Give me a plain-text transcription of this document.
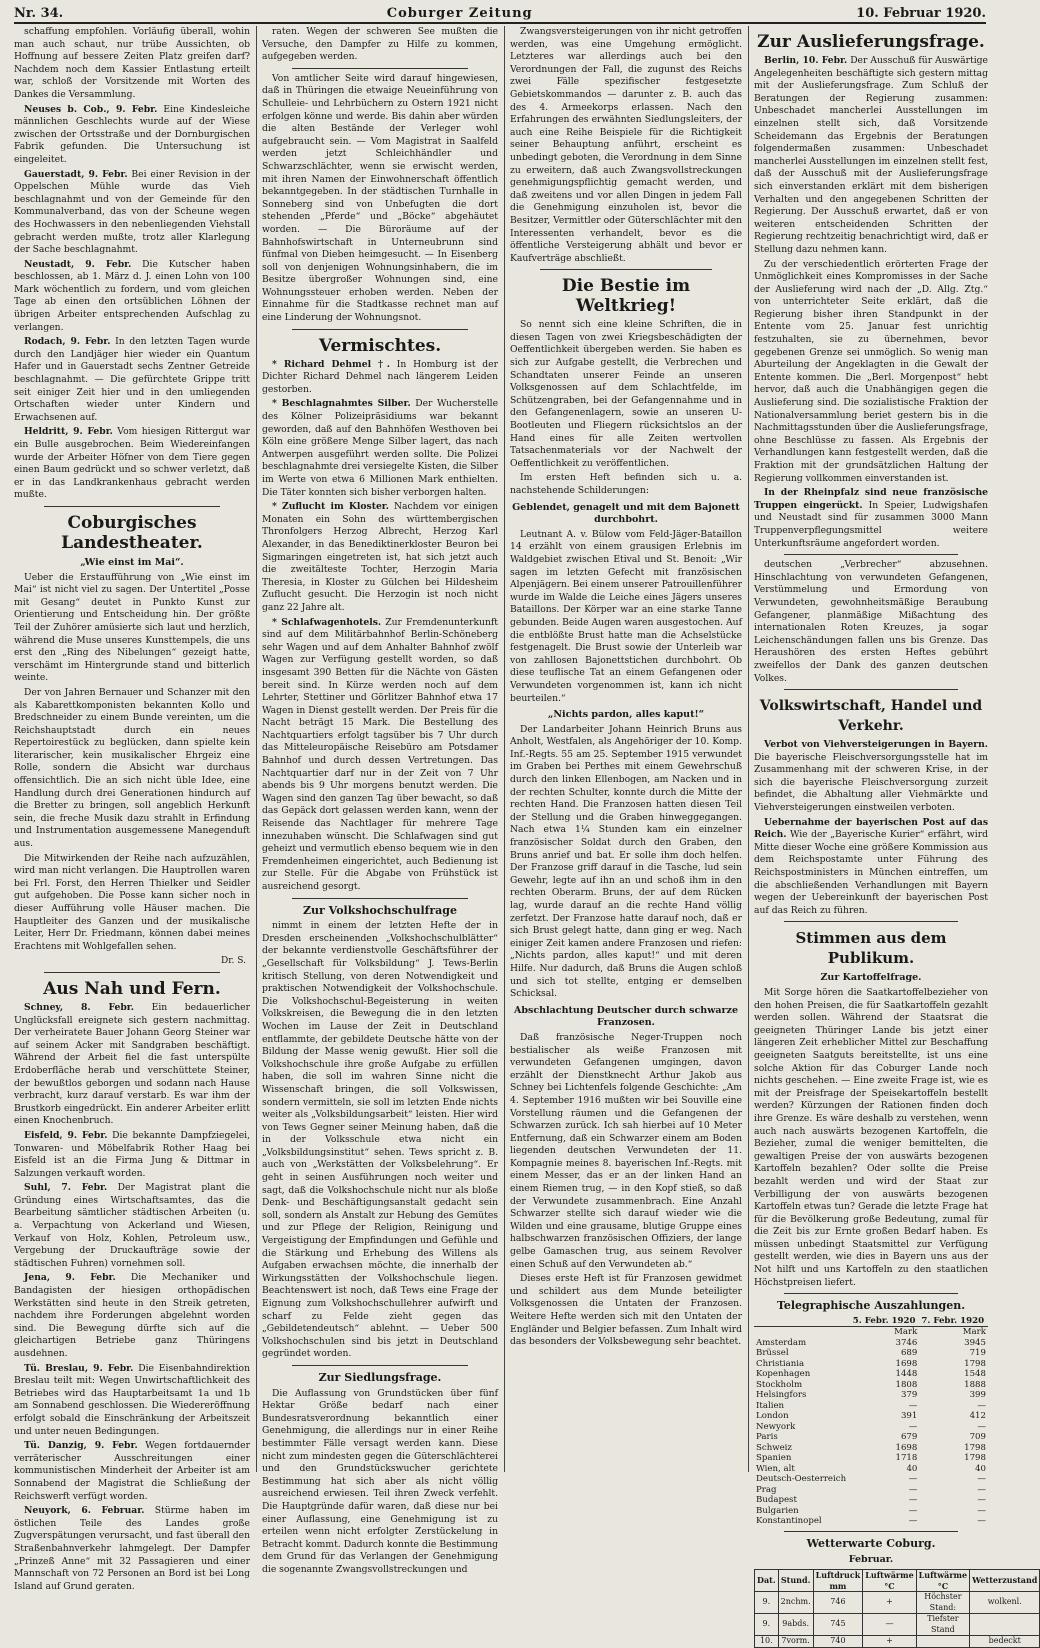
Nr. 34.	Coburger Zeitung	10. Februar 1920.

schaffung empfohlen. Vorläufig überall, wohin man auch schaut, nur trübe Aussichten, ob Hoffnung auf bessere Zeiten Platz greifen darf? Nachdem noch dem Kassier Entlastung erteilt war, schloß der Vorsitzende mit Worten des Dankes die Versammlung.

Neuses b. Cob., 9. Febr. Eine Kindesleiche männlichen Geschlechts wurde auf der Wiese zwischen der Ortsstraße und der Dornburgischen Fabrik gefunden. Die Untersuchung ist eingeleitet.

Gauerstadt, 9. Febr. Bei einer Revision in der Oppelschen Mühle wurde das Vieh beschlagnahmt und von der Gemeinde für den Kommunalverband, das von der Scheune wegen des Hochwassers in den nebenliegenden Viehstall gebracht werden mußte, trotz aller Klarlegung der Sache beschlagnahmt.

Neustadt, 9. Febr. Die Kutscher haben beschlossen, ab 1. März d. J. einen Lohn von 100 Mark wöchentlich zu fordern, und vom gleichen Tage ab einen den ortsüblichen Löhnen der übrigen Arbeiter entsprechenden Aufschlag zu verlangen.

Rodach, 9. Febr. In den letzten Tagen wurde durch den Landjäger hier wieder ein Quantum Hafer und in Gauerstadt sechs Zentner Getreide beschlagnahmt. — Die gefürchtete Grippe tritt seit einiger Zeit hier und in den umliegenden Ortschaften wieder unter Kindern und Erwachsenen auf.

Heldritt, 9. Febr. Vom hiesigen Rittergut war ein Bulle ausgebrochen. Beim Wiedereinfangen wurde der Arbeiter Höfner von dem Tiere gegen einen Baum gedrückt und so schwer verletzt, daß er in das Landkrankenhaus gebracht werden mußte.

Coburgisches Landestheater.
„Wie einst im Mai“.

Ueber die Erstaufführung von „Wie einst im Mai“ ist nicht viel zu sagen. Der Untertitel „Posse mit Gesang“ deutet in Punkto Kunst zur Orientierung und Entscheidung hin. Der größte Teil der Zuhörer amüsierte sich laut und herzlich, während die Muse unseres Kunsttempels, die uns erst den „Ring des Nibelungen“ gezeigt hatte, verschämt im Hintergrunde stand und bitterlich weinte.

Der von Jahren Bernauer und Schanzer mit den als Kabarettkomponisten bekannten Kollo und Bredschneider zu einem Bunde vereinten, um die Reichshauptstadt durch ein neues Repertoirestück zu beglücken, dann spielte kein literarischer, kein musikalischer Ehrgeiz eine Rolle, sondern die Absicht war durchaus offensichtlich. Die an sich nicht üble Idee, eine Handlung durch drei Generationen hindurch auf die Bretter zu bringen, soll angeblich Herkunft sein, die freche Musik dazu strahlt in Erfindung und Instrumentation ausgemessene Manegenduft aus.

Die Mitwirkenden der Reihe nach aufzuzählen, wird man nicht verlangen. Die Hauptrollen waren bei Frl. Forst, den Herren Thielker und Seidler gut aufgehoben. Die Posse kann sicher noch in dieser Aufführung volle Häuser machen. Die Hauptleiter des Ganzen und der musikalische Leiter, Herr Dr. Friedmann, können dabei meines Erachtens mit Wohlgefallen sehen.

Dr. S.
Aus Nah und Fern.

Schney, 8. Febr. Ein bedauerlicher Unglücksfall ereignete sich gestern nachmittag. Der verheiratete Bauer Johann Georg Steiner war auf seinem Acker mit Sandgraben beschäftigt. Während der Arbeit fiel die fast unterspülte Erdoberfläche herab und verschüttete Steiner, der bewußtlos geborgen und sodann nach Hause verbracht, kurz darauf verstarb. Es war ihm der Brustkorb eingedrückt. Ein anderer Arbeiter erlitt einen Knochenbruch.

Eisfeld, 9. Febr. Die bekannte Dampfziegelei, Tonwaren- und Möbelfabrik Rother Haag bei Eisfeld ist an die Firma Jung & Dittmar in Salzungen verkauft worden.

Suhl, 7. Febr. Der Magistrat plant die Gründung eines Wirtschaftsamtes, das die Bearbeitung sämtlicher städtischen Arbeiten (u. a. Verpachtung von Ackerland und Wiesen, Verkauf von Holz, Kohlen, Petroleum usw., Vergebung der Druckaufträge sowie der städtischen Fuhren) vornehmen soll.

Jena, 9. Febr. Die Mechaniker und Bandagisten der hiesigen orthopädischen Werkstätten sind heute in den Streik getreten, nachdem ihre Forderungen abgelehnt worden sind. Die Bewegung dürfte sich auf die gleichartigen Betriebe ganz Thüringens ausdehnen.

Tü. Breslau, 9. Febr. Die Eisenbahndirektion Breslau teilt mit: Wegen Unwirtschaftlichkeit des Betriebes wird das Hauptarbeitsamt 1a und 1b am Sonnabend geschlossen. Die Wiedereröffnung erfolgt sobald die Einschränkung der Arbeitszeit und unter neuen Bedingungen.

Tü. Danzig, 9. Febr. Wegen fortdauernder verräterischer Ausschreitungen einer kommunistischen Minderheit der Arbeiter ist am Sonnabend der Magistrat die Schließung der Reichswerft verfügt worden.

Neuyork, 6. Februar. Stürme haben im östlichen Teile des Landes große Zugverspätungen verursacht, und fast überall den Straßenbahnverkehr lahmgelegt. Der Dampfer „Prinzeß Anne“ mit 32 Passagieren und einer Mannschaft von 72 Personen an Bord ist bei Long Island auf Grund geraten.

raten. Wegen der schweren See mußten die Versuche, den Dampfer zu Hilfe zu kommen, aufgegeben werden.

Von amtlicher Seite wird darauf hingewiesen, daß in Thüringen die etwaige Neueinführung von Schulleie- und Lehrbüchern zu Ostern 1921 nicht erfolgen könne und werde. Bis dahin aber würden die alten Bestände der Verleger wohl aufgebraucht sein. — Vom Magistrat in Saalfeld werden jetzt Schleichhändler und Schwarzschlächter, wenn sie erwischt werden, mit ihren Namen der Einwohnerschaft öffentlich bekanntgegeben. In der städtischen Turnhalle in Sonneberg sind von Unbefugten die dort stehenden „Pferde“ und „Böcke“ abgehäutet worden. — Die Büroräume auf der Bahnhofswirtschaft in Unterneubrunn sind fünfmal von Dieben heimgesucht. — In Eisenberg soll von denjenigen Wohnungsinhabern, die im Besitze übergroßer Wohnungen sind, eine Wohnungssteuer erhoben werden. Neben der Einnahme für die Stadtkasse rechnet man auf eine Linderung der Wohnungsnot.

Vermischtes.

* Richard Dehmel †. In Homburg ist der Dichter Richard Dehmel nach längerem Leiden gestorben.

* Beschlagnahmtes Silber. Der Wucherstelle des Kölner Polizeipräsidiums war bekannt geworden, daß auf den Bahnhöfen Westhoven bei Köln eine größere Menge Silber lagert, das nach Antwerpen ausgeführt werden sollte. Die Polizei beschlagnahmte drei versiegelte Kisten, die Silber im Werte von etwa 6 Millionen Mark enthielten. Die Täter konnten sich bisher verborgen halten.

* Zuflucht im Kloster. Nachdem vor einigen Monaten ein Sohn des württembergischen Thronfolgers Herzog Albrecht, Herzog Karl Alexander, in das Benediktinerkloster Beuron bei Sigmaringen eingetreten ist, hat sich jetzt auch die zweitälteste Tochter, Herzogin Maria Theresia, in Kloster zu Gülchen bei Hildesheim Zuflucht gesucht. Die Herzogin ist noch nicht ganz 22 Jahre alt.

* Schlafwagenhotels. Zur Fremdenunterkunft sind auf dem Militärbahnhof Berlin-Schöneberg sehr Wagen und auf dem Anhalter Bahnhof zwölf Wagen zur Verfügung gestellt worden, so daß insgesamt 390 Betten für die Nächte von Gästen bereit sind. In Kürze werden noch auf dem Lehrter, Stettiner und Görlitzer Bahnhof etwa 17 Wagen in Dienst gestellt werden. Der Preis für die Nacht beträgt 15 Mark. Die Bestellung des Nachtquartiers erfolgt tagsüber bis 7 Uhr durch das Mitteleuropäische Reisebüro am Potsdamer Bahnhof und durch dessen Vertretungen. Das Nachtquartier darf nur in der Zeit von 7 Uhr abends bis 9 Uhr morgens benutzt werden. Die Wagen sind den ganzen Tag über bewacht, so daß das Gepäck dort gelassen werden kann, wenn der Reisende das Nachtlager für mehrere Tage innezuhaben wünscht. Die Schlafwagen sind gut geheizt und vermutlich ebenso bequem wie in den Fremdenheimen eingerichtet, auch Bedienung ist zur Stelle. Für die Abgabe von Frühstück ist ausreichend gesorgt.

Zur Volkshochschulfrage

nimmt in einem der letzten Hefte der in Dresden erscheinenden „Volkshochschulblätter“ der bekannte verdienstvolle Geschäftsführer der „Gesellschaft für Volksbildung“ J. Tews-Berlin kritisch Stellung, von deren Notwendigkeit und praktischen Notwendigkeit der Volkshochschule. Die Volkshochschul-Begeisterung in weiten Volkskreisen, die Bewegung die in den letzten Wochen im Lause der Zeit in Deutschland entflammte, der gebildete Deutsche hätte von der Bildung der Masse wenig gewußt. Hier soll die Volkshochschule ihre große Aufgabe zu erfüllen haben, die soll im wahren Sinne nicht die Wissenschaft bringen, die soll Volkswissen, sondern vermitteln, sie soll im letzten Ende nichts weiter als „Volksbildungsarbeit“ leisten. Hier wird von Tews Gegner seiner Meinung haben, daß die in der Volksschule etwa nicht ein „Volksbildungsinstitut“ sehen. Tews spricht z. B. auch von „Werkstätten der Volksbelehrung“. Er geht in seinen Ausführungen noch weiter und sagt, daß die Volkshochschule nicht nur als bloße Denk- und Beschäftigungsanstalt gedacht sein soll, sondern als Anstalt zur Hebung des Gemütes und zur Pflege der Religion, Reinigung und Vergeistigung der Empfindungen und Gefühle und die Stärkung und Erhebung des Willens als Aufgaben erwachsen möchte, die innerhalb der Wirkungsstätten der Volkshochschule liegen. Beachtenswert ist noch, daß Tews eine Frage der Eignung zum Volkshochschullehrer aufwirft und scharf zu Felde zieht gegen das „Gebildetendeutsch“ ablehnt. — Ueber 500 Volkshochschulen sind bis jetzt in Deutschland gegründet worden.

Zur Siedlungsfrage.

Die Auflassung von Grundstücken über fünf Hektar Größe bedarf nach einer Bundesratsverordnung bekanntlich einer Genehmigung, die allerdings nur in einer Reihe bestimmter Fälle versagt werden kann. Diese nicht zum mindesten gegen die Güterschlächterei und den Grundstückswucher gerichtete Bestimmung hat sich aber als nicht völlig ausreichend erwiesen. Teil ihren Zweck verfehlt. Die Hauptgründe dafür waren, daß diese nur bei einer Auflassung, eine Genehmigung ist zu erteilen wenn nicht erfolgter Zerstückelung in Betracht kommt. Dadurch konnte die Bestimmung dem Grund für das Verlangen der Genehmigung die sogenannte Zwangsvollstreckungen und

Zwangsversteigerungen von ihr nicht getroffen werden, was eine Umgehung ermöglicht. Letzteres war allerdings auch bei den Verordnungen der Fall, die zugunst des Reichs zwei Fälle spezifischer festgesetzte Gebietskommandos — darunter z. B. auch das des 4. Armeekorps erlassen. Nach den Erfahrungen des erwähnten Siedlungsleiters, der auch eine Reihe Beispiele für die Richtigkeit seiner Behauptung anführt, erscheint es unbedingt geboten, die Verordnung in dem Sinne zu erweitern, daß auch Zwangsvollstreckungen genehmigungspflichtig gemacht werden, und daß zweitens und vor allen Dingen in jedem Fall die Genehmigung einzuholen ist, bevor die Besitzer, Vermittler oder Güterschlächter mit den Interessenten verhandelt, bevor es die öffentliche Versteigerung abhält und bevor er Kaufverträge abschließt.

Die Bestie im Weltkrieg!

So nennt sich eine kleine Schriften, die in diesen Tagen von zwei Kriegsbeschädigten der Oeffentlichkeit übergeben werden. Sie haben es sich zur Aufgabe gestellt, die Verbrechen und Schandtaten unserer Feinde an unseren Volksgenossen auf dem Schlachtfelde, im Schützengraben, bei der Gefangennahme und in den Gefangenenlagern, sowie an unseren U-Bootleuten und Fliegern rücksichtslos an der Hand eines für alle Zeiten wertvollen Tatsachenmaterials vor der Nachwelt der Oeffentlichkeit zu veröffentlichen.

Im ersten Heft befinden sich u. a. nachstehende Schilderungen:

Geblendet, genagelt und mit dem Bajonett durchbohrt.

Leutnant A. v. Bülow vom Feld-Jäger-Bataillon 14 erzählt von einem grausigen Erlebnis im Waldgebiet zwischen Etival und St. Benoit: „Wir sagen im letzten Gefecht mit französischen Alpenjägern. Bei einem unserer Patrouillenführer wurde im Walde die Leiche eines Jägers unseres Bataillons. Der Körper war an eine starke Tanne gebunden. Beide Augen waren ausgestochen. Auf die entblößte Brust hatte man die Achselstücke festgenagelt. Die Brust sowie der Unterleib war von zahllosen Bajonettstichen durchbohrt. Ob diese teuflische Tat an einem Gefangenen oder Verwundeten vorgenommen ist, kann ich nicht beurteilen.“

„Nichts pardon, alles kaput!“

Der Landarbeiter Johann Heinrich Bruns aus Anholt, Westfalen, als Angehöriger der 10. Komp. Inf.-Regts. 55 am 25. September 1915 verwundet im Graben bei Perthes mit einem Gewehrschuß durch den linken Ellenbogen, am Nacken und in der rechten Schulter, konnte durch die Mitte der rechten Hand. Die Franzosen hatten diesen Teil der Stellung und die Graben hinweggegangen. Nach etwa 1¼ Stunden kam ein einzelner französischer Soldat durch den Graben, den Bruns anrief und bat. Er solle ihm doch helfen. Der Franzose griff darauf in die Tasche, lud sein Gewehr, legte auf ihn an und schoß ihm in den rechten Oberarm. Bruns, der auf dem Rücken lag, wurde darauf an die rechte Hand völlig zerfetzt. Der Franzose hatte darauf noch, daß er sich Brust gelegt hatte, dann ging er weg. Nach einiger Zeit kamen andere Franzosen und riefen: „Nichts pardon, alles kaput!“ und mit deren Hilfe. Nur dadurch, daß Bruns die Augen schloß und sich tot stellte, entging er demselben Schicksal.

Abschlachtung Deutscher durch schwarze Franzosen.

Daß französische Neger-Truppen noch bestialischer als weiße Franzosen mit verwundeten Gefangenen umgingen, davon erzählt der Dienstknecht Arthur Jakob aus Schney bei Lichtenfels folgende Geschichte: „Am 4. September 1916 mußten wir bei Souville eine Vorstellung räumen und die Gefangenen der Schwarzen zurück. Ich sah hierbei auf 10 Meter Entfernung, daß ein Schwarzer einem am Boden liegenden deutschen Verwundeten der 11. Kompagnie meines 8. bayerischen Inf.-Regts. mit einem Messer, das er an der linken Hand an einem Riemen trug, — in den Kopf stieß, so daß der Verwundete zusammenbrach. Eine Anzahl Schwarzer stellte sich darauf wieder wie die Wilden und eine grausame, blutige Gruppe eines halbschwarzen französischen Offiziers, der lange gelbe Gamaschen trug, aus seinem Revolver einen Schuß auf den Verwundeten ab.“

Dieses erste Heft ist für Franzosen gewidmet und schildert aus dem Munde beteiligter Volksgenossen die Untaten der Franzosen. Weitere Hefte werden sich mit den Untaten der Engländer und Belgier befassen. Zum Inhalt wird das besonders der Volksbewegung sehr beachtet.

Zur Auslieferungsfrage.

Berlin, 10. Febr. Der Ausschuß für Auswärtige Angelegenheiten beschäftigte sich gestern mittag mit der Auslieferungsfrage. Zum Schluß der Beratungen der Regierung zusammen: Unbeschadet mancherlei Ausstellungen im einzelnen stellt sich, daß Vorsitzende Scheidemann das Ergebnis der Beratungen folgendermaßen zusammen: Unbeschadet mancherlei Ausstellungen im einzelnen stellt fest, daß der Ausschuß mit der Auslieferungsfrage sich einverstanden erklärt mit dem bisherigen Verhalten und den angegebenen Schritten der Regierung. Der Ausschuß erwartet, daß er von weiteren entscheidenden Schritten der Regierung rechtzeitig benachrichtigt wird, daß er Stellung dazu nehmen kann.

Zu der verschiedentlich erörterten Frage der Unmöglichkeit eines Kompromisses in der Sache der Auslieferung wird nach der „D. Allg. Ztg.“ von unterrichteter Seite erklärt, daß die Regierung bisher ihren Standpunkt in der Entente vom 25. Januar fest unrichtig festzuhalten, sie zu übernehmen, bevor gegebenen Grenze sei unmöglich. So wenig man Aburteilung der Angeklagten in die Gewalt der Entente kommen. Die „Berl. Morgenpost“ hebt hervor, daß auch die Unabhängigen gegen die Auslieferung sind. Die sozialistische Fraktion der Nationalversammlung beriet gestern bis in die Nachmittagsstunden über die Auslieferungsfrage, ohne Beschlüsse zu fassen. Als Ergebnis der Verhandlungen kann festgestellt werden, daß die Fraktion mit der grundsätzlichen Haltung der Regierung vollkommen einverstanden ist.

In der Rheinpfalz sind neue französische Truppen eingerückt. In Speier, Ludwigshafen und Neustadt sind für zusammen 3000 Mann Truppenverpflegungsmittel weitere Unterkunftsräume angefordert worden.

deutschen „Verbrecher“ abzusehnen. Hinschlachtung von verwundeten Gefangenen, Verstümmelung und Ermordung von Verwundeten, gewohnheitsmäßige Beraubung Gefangener, planmäßige Mißachtung des internationalen Roten Kreuzes, ja sogar Leichenschändungen fallen uns bis Grenze. Das Heraushören des ersten Heftes gebührt zweifellos der Dank des ganzen deutschen Volkes.

Volkswirtschaft, Handel und Verkehr.

Verbot von Viehversteigerungen in Bayern. Die bayerische Fleischversorgungsstelle hat im Zusammenhang mit der schweren Krise, in der sich die bayerische Fleischversorgung zurzeit befindet, die Abhaltung aller Viehmärkte und Viehversteigerungen einstweilen verboten.

Uebernahme der bayerischen Post auf das Reich. Wie der „Bayerische Kurier“ erfährt, wird Mitte dieser Woche eine größere Kommission aus dem Reichspostamte unter Führung des Reichspostministers in München eintreffen, um die abschließenden Verhandlungen mit Bayern wegen der Uebereinkunft der bayerischen Post auf das Reich zu führen.

Stimmen aus dem Publikum.
Zur Kartoffelfrage.

Mit Sorge hören die Saatkartoffelbezieher von den hohen Preisen, die für Saatkartoffeln gezahlt werden sollen. Während der Staatsrat die geeigneten Thüringer Lande bis jetzt einer längeren Zeit erheblicher Mittel zur Beschaffung geeigneten Saatguts bereitstellte, ist uns eine solche Aktion für das Coburger Lande noch nichts geschehen. — Eine zweite Frage ist, wie es mit der Preisfrage der Speisekartoffeln bestellt werden? Kürzungen der Rationen finden doch ihre Grenze. Es wäre deshalb zu verstehen, wenn auch nach auswärts bezogenen Kartoffeln, die Bezieher, zumal die weniger bemittelten, die gewaltigen Preise der von auswärts bezogenen Kartoffeln bezahlen? Oder sollte die Preise bezahlt werden und wird der Staat zur Verbilligung der von auswärts bezogenen Kartoffeln etwas tun? Gerade die letzte Frage hat für die Bevölkerung große Bedeutung, zumal für die Zeit bis zur Ernte großen Bedarf haben. Es müssen unbedingt Staatsmittel zur Verfügung gestellt werden, wie dies in Bayern uns aus der Not hilft und uns Kartoffeln zu den staatlichen Höchstpreisen liefert.

Telegraphische Auszahlungen.
	5. Febr. 1920	7. Febr. 1920
	Mark	Mark
Amsterdam	3746	3945
Brüssel	689	719
Christiania	1698	1798
Kopenhagen	1448	1548
Stockholm	1808	1888
Helsingfors	379	399
Italien	—	—
London	391	412
Newyork	—	—
Paris	679	709
Schweiz	1698	1798
Spanien	1718	1798
Wien, alt	40	40
Deutsch-Oesterreich	—	—
Prag	—	—
Budapest	—	—
Bulgarien	—	—
Konstantinopel	—	—
Wetterwarte Coburg.
Februar.
Dat.	Stund.	Luftdruck mm	Luftwärme °C	Luftwärme °C	Wetterzustand
9.	2nchm.	746	+	Höchster Stand:	wolkenl.
9.	9abds.	745	—	Tiefster Stand	
10.	7vorm.	740	+		bedeckt
